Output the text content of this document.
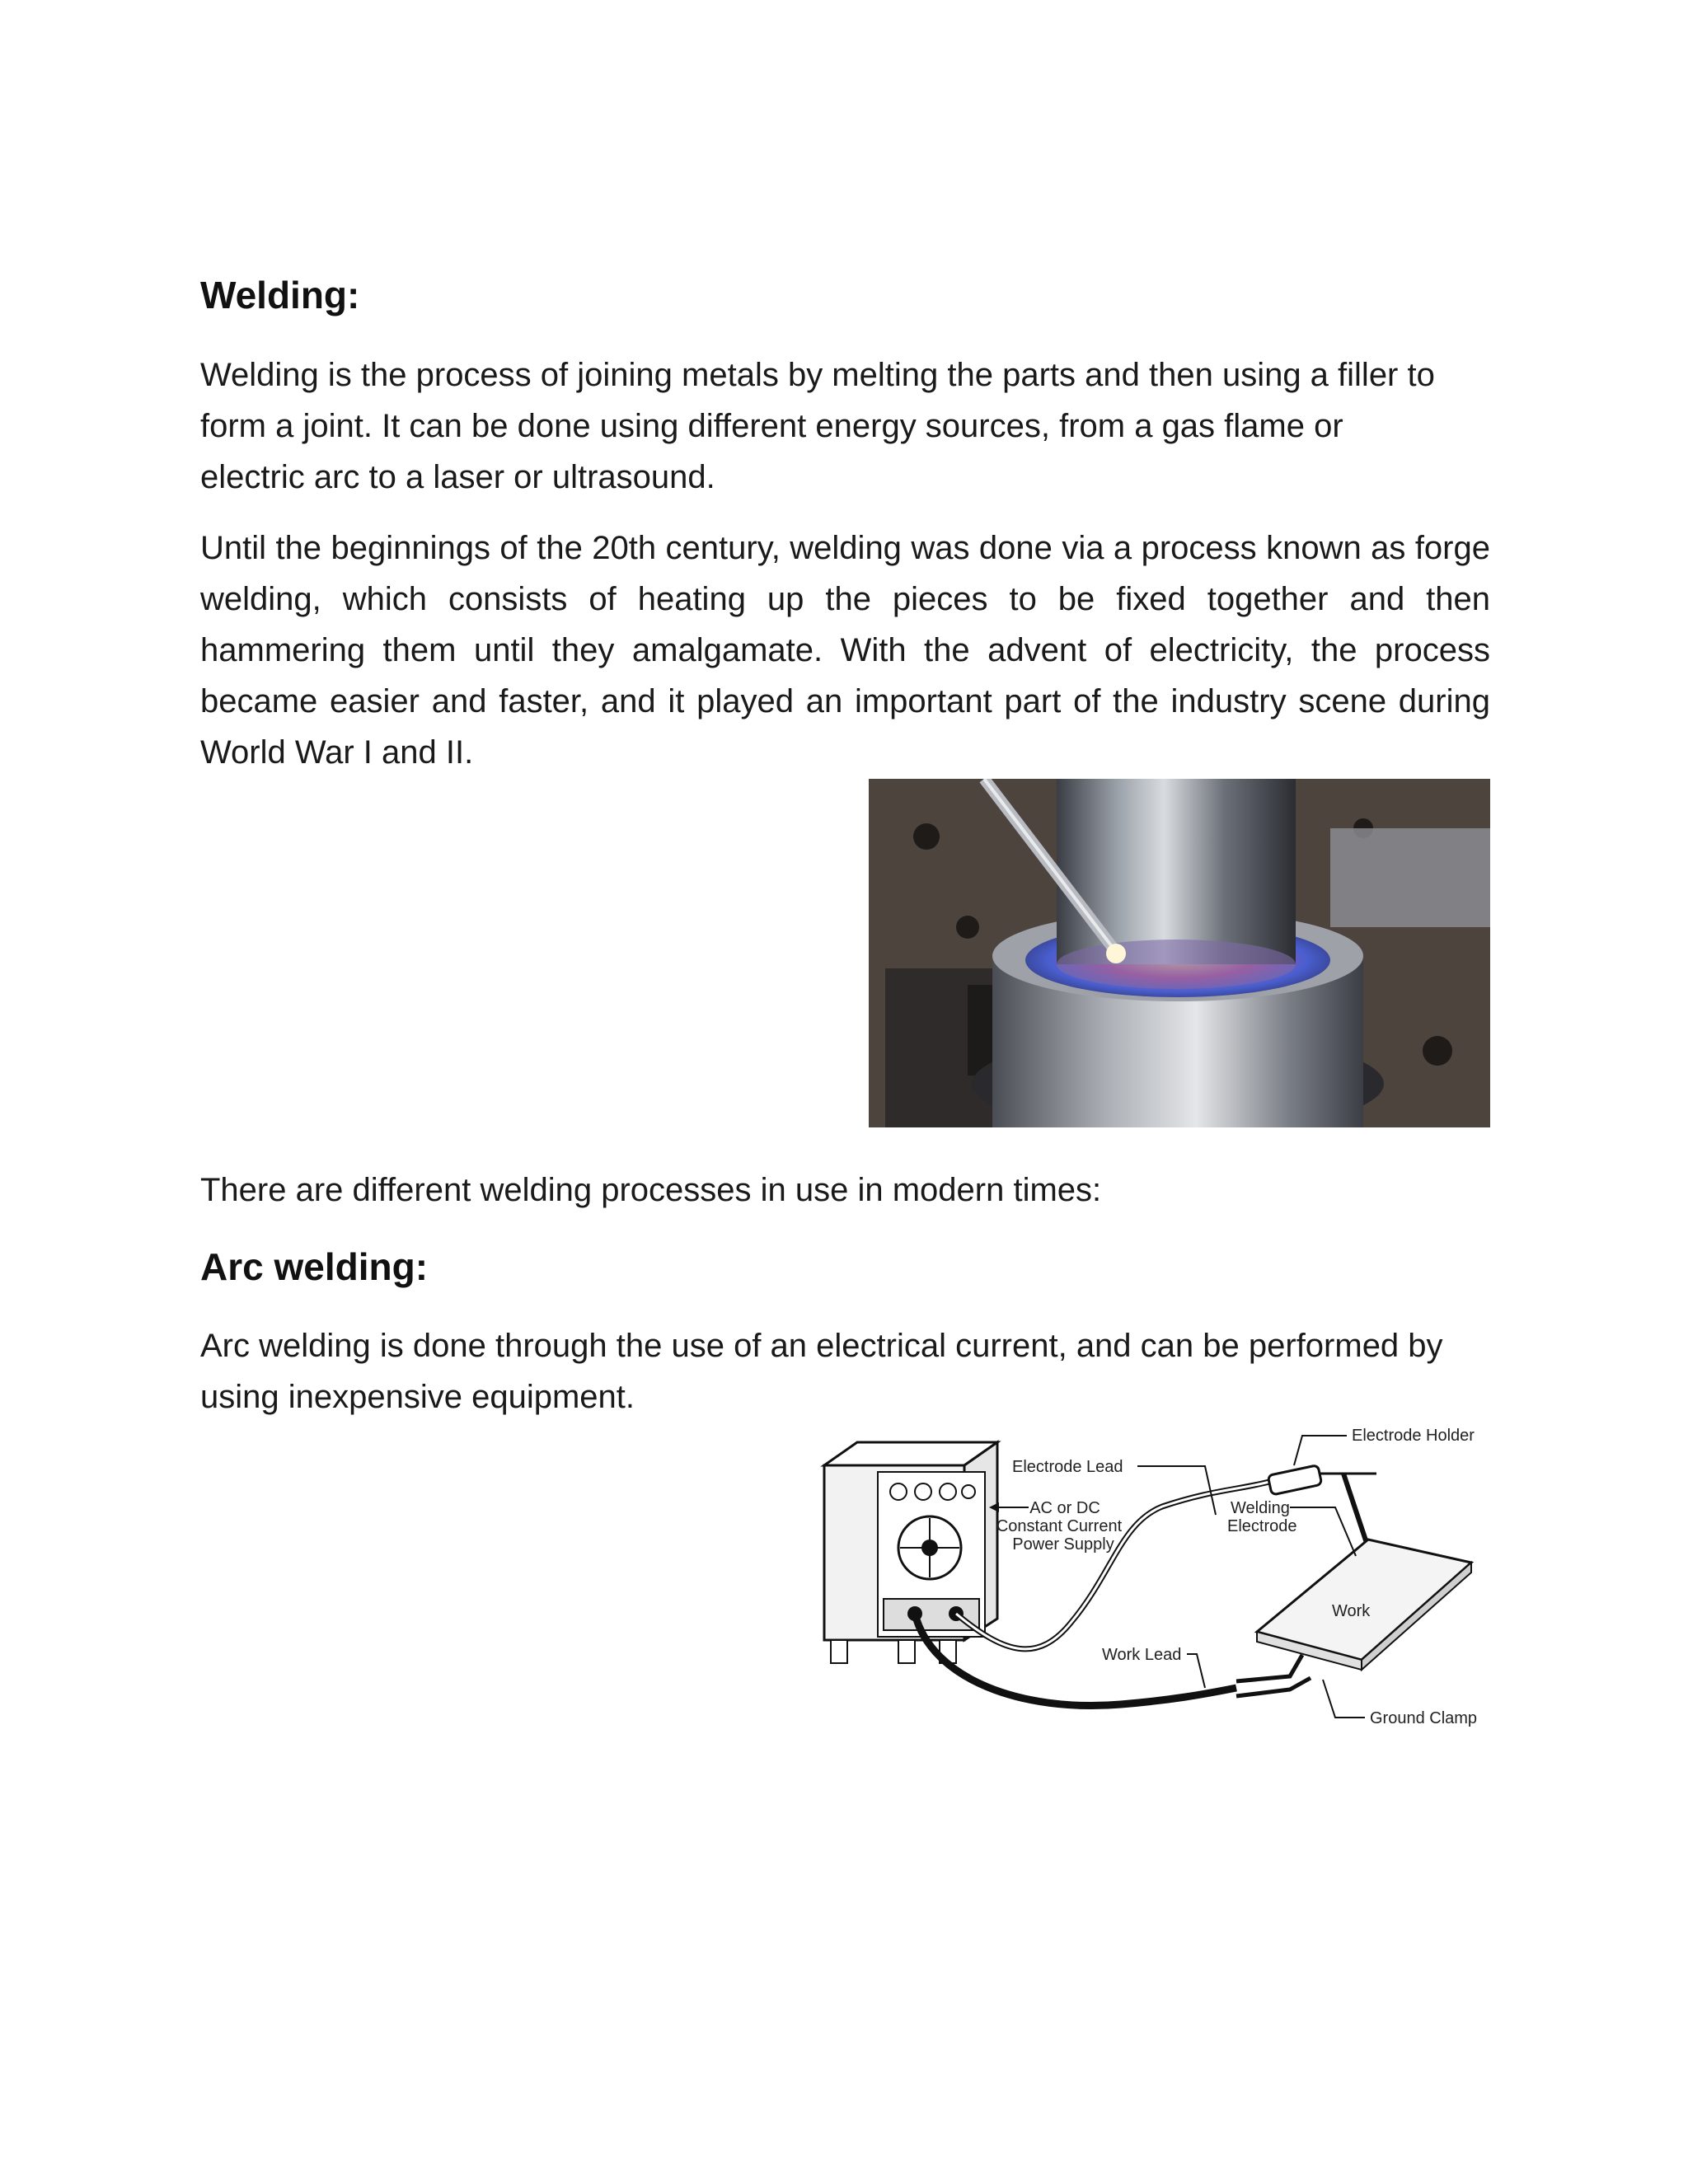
Welding:

Welding is the process of joining metals by melting the parts and then using a filler to form a joint. It can be done using different energy sources, from a gas flame or electric arc to a laser or ultrasound.

Until the beginnings of the 20th century, welding was done via a process known as forge welding, which consists of heating up the pieces to be fixed together and then hammering them until they amalgamate. With the advent of electricity, the process became easier and faster, and it played an important part of the industry scene during World War I and II.

There are different welding processes in use in modern times:

Arc welding:

Arc welding is done through the use of an electrical current, and can be performed by using inexpensive equipment.

Electrode Lead
Electrode Holder
AC or DC
Constant Current
Power Supply
Welding
Electrode
Work
Work Lead
Ground Clamp
